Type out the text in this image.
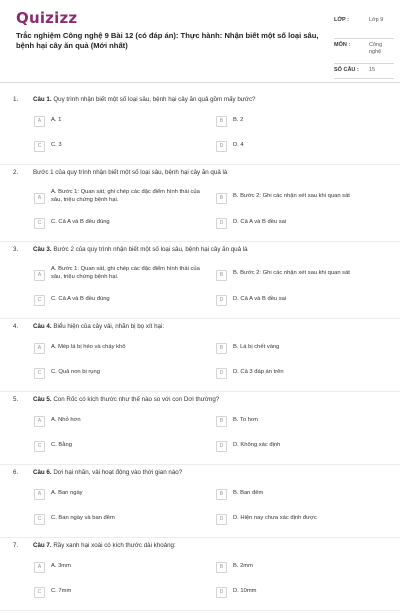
Quizizz
Trắc nghiệm Công nghệ 9 Bài 12 (có đáp án): Thực hành: Nhận biết một số loại sâu, bệnh hại cây ăn quả (Mới nhất)
LỚP :	Lớp 9
MÔN :	Công nghệ
SỐ CÂU : 15
1. Câu 1. Quy trình nhận biết một số loại sâu, bệnh hại cây ăn quả gồm mấy bước?
A	A. 1	B	B. 2
C	C. 3	D	D. 4
2. Bước 1 của quy trình nhận biết một số loại sâu, bệnh hại cây ăn quả là
A
A. Bước 1: Quan sát, ghi chép các đặc điểm hình thái của sâu, triệu chứng bệnh hại.	B	B. Bước 2: Ghi các nhận xét sau khi quan sát
C	C. Cả A và B đều đúng	D	D. Cả A và B đều sai
3. Câu 3. Bước 2 của quy trình nhận biết một số loại sâu, bệnh hại cây ăn quả là
A
A. Bước 1: Quan sát, ghi chép các đặc điểm hình thái của sâu, triệu chứng bệnh hại.	B	B. Bước 2: Ghi các nhận xét sau khi quan sát
C	C. Cả A và B đều đúng	D	D. Cả A và B đều sai
4. Câu 4. Biểu hiện của cây vải, nhãn bị bọ xít hại:
A	A. Mép lá bị héo và cháy khô	B	B. Lá bị chết vàng
C	C. Quả non bị rụng	D	D. Cả 3 đáp án trên
5. Câu 5. Con Rốc có kích thước như thế nào so với con Dơi thường?
A	A. Nhỏ hơn	B	B. To hơn
C	C. Bằng	D	D. Không xác định
6. Câu 6. Dơi hại nhãn, vải hoạt động vào thời gian nào?
A	A. Ban ngày	B	B. Ban đêm
C	C. Ban ngày và ban đêm	D	D. Hiện nay chưa xác định được
7. Câu 7. Rầy xanh hại xoài có kích thước dài khoảng:
A	A. 3mm	B	B. 2mm
C	C. 7mm	D	D. 10mm
